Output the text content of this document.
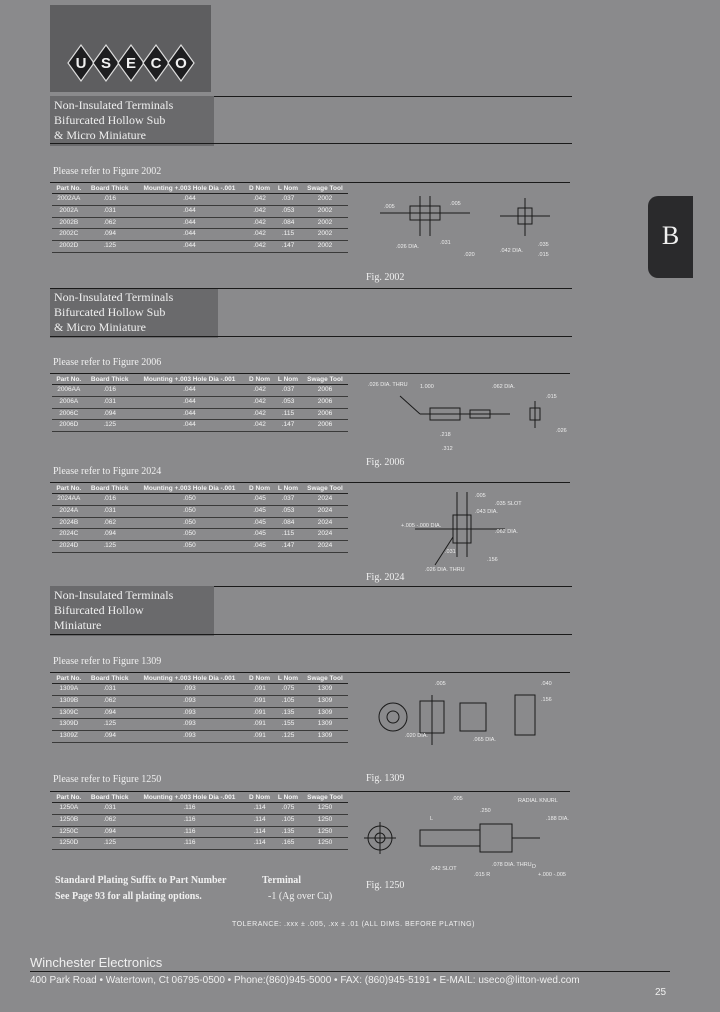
U S E C O
B
Non-Insulated Terminals
Bifurcated Hollow Sub
& Micro Miniature
Please refer to Figure 2002
Part No.	Board Thick	Mounting +.003 Hole Dia -.001	D Nom	L Nom	Swage Tool
2002AA	.016	.044	.042	.037	2002
2002A	.031	.044	.042	.053	2002
2002B	.062	.044	.042	.084	2002
2002C	.094	.044	.042	.115	2002
2002D	.125	.044	.042	.147	2002
.005	.005
.026 DIA.
.031
.020
.042 DIA.
.035
.015
Fig. 2002
Non-Insulated Terminals
Bifurcated Hollow Sub
& Micro Miniature
Please refer to Figure 2006
Part No.	Board Thick	Mounting +.003 Hole Dia -.001	D Nom	L Nom	Swage Tool
2006AA	.016	.044	.042	.037	2006
2006A	.031	.044	.042	.053	2006
2006C	.094	.044	.042	.115	2006
2006D	.125	.044	.042	.147	2006
.026 DIA. THRU 1.000	.062 DIA.
.015
.026
.218
.312
Fig. 2006
Please refer to Figure 2024
Part No.	Board Thick	Mounting +.003 Hole Dia -.001	D Nom	L Nom	Swage Tool
2024AA	.016	.050	.045	.037	2024
2024A	.031	.050	.045	.053	2024
2024B	.062	.050	.045	.084	2024
2024C	.094	.050	.045	.115	2024
2024D	.125	.050	.045	.147	2024
.005
.035 SLOT
.043 DIA.
.062 DIA.
+.005 -.000 DIA.
.031
.156
.026 DIA. THRU
Fig. 2024
Non-Insulated Terminals
Bifurcated Hollow
Miniature
Please refer to Figure 1309
Part No.	Board Thick	Mounting +.003 Hole Dia -.001	D Nom	L Nom	Swage Tool
1309A	.031	.093	.091	.075	1309
1309B	.062	.093	.091	.105	1309
1309C	.094	.093	.091	.135	1309
1309D	.125	.093	.091	.155	1309
1309Z	.094	.093	.091	.125	1309
.005	.040
.156
.020 DIA.
.065 DIA.
Fig. 1309
Please refer to Figure 1250
Part No.	Board Thick	Mounting +.003 Hole Dia -.001	D Nom	L Nom	Swage Tool
1250A	.031	.116	.114	.075	1250
1250B	.062	.116	.114	.105	1250
1250C	.094	.116	.114	.135	1250
1250D	.125	.116	.114	.165	1250
.005	RADIAL KNURL
.250
.188 DIA.
.078 DIA. THRU
.042 SLOT
.015 R	+.000 -.005
D
L
Fig. 1250
Standard Plating Suffix to Part Number
See Page 93 for all plating options.
Terminal
-1 (Ag over Cu)
TOLERANCE: .xxx ± .005, .xx ± .01 (ALL DIMS. BEFORE PLATING)
Winchester Electronics
400 Park Road • Watertown, Ct 06795-0500 • Phone:(860)945-5000 • FAX: (860)945-5191 • E-MAIL: useco@litton-wed.com
25
